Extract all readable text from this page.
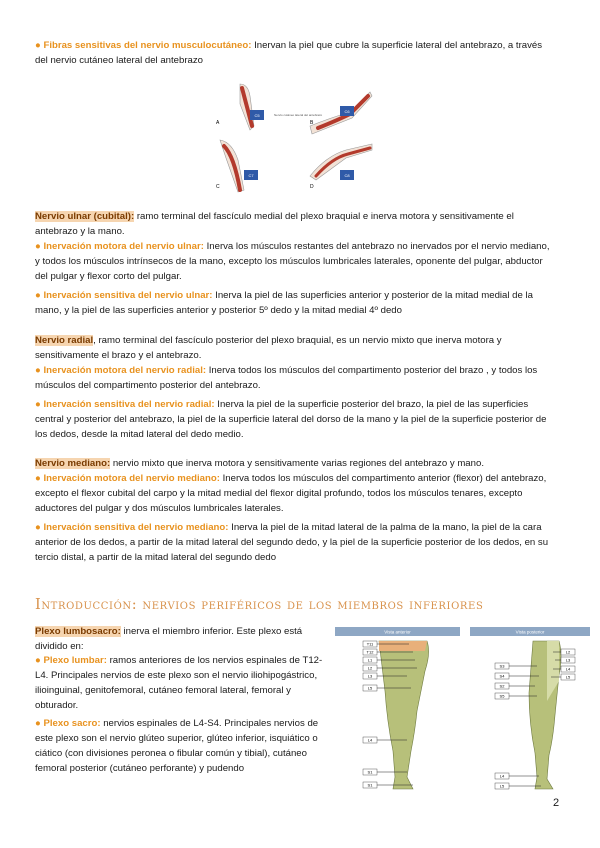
● Fibras sensitivas del nervio musculocutáneo: Inervan la piel que cubre la superficie lateral del antebrazo, a través del nervio cutáneo lateral del antebrazo

C5
A
Nervio cutáneo lateral del antebrazo
C6
B
C7
C
C8
D

Nervio ulnar (cubital): ramo terminal del fascículo medial del plexo braquial e inerva motora y sensitivamente el antebrazo y la mano.

● Inervación motora del nervio ulnar: Inerva los músculos restantes del antebrazo no inervados por el nervio mediano, y todos los músculos intrínsecos de la mano, excepto los músculos lumbricales laterales, oponente del pulgar, abductor del pulgar y flexor corto del pulgar.

● Inervación sensitiva del nervio ulnar: Inerva la piel de las superficies anterior y posterior de la mitad medial de la mano, y la piel de las superficies anterior y posterior 5º dedo y la mitad medial 4º dedo

Nervio radial, ramo terminal del fascículo posterior del plexo braquial, es un nervio mixto que inerva motora y sensitivamente el brazo y el antebrazo.

● Inervación motora del nervio radial: Inerva todos los músculos del compartimento posterior del brazo , y todos los músculos del compartimento posterior del antebrazo.

● Inervación sensitiva del nervio radial: Inerva la piel de la superficie posterior del brazo, la piel de las superficies central y posterior del antebrazo, la piel de la superficie lateral del dorso de la mano y la piel de la superficie posterior de los dedos, desde la mitad lateral del dedo medio.

Nervio mediano: nervio mixto que inerva motora y sensitivamente varias regiones del antebrazo y mano.

● Inervación motora del nervio mediano: Inerva todos los músculos del compartimento anterior (flexor) del antebrazo, excepto el flexor cubital del carpo y la mitad medial del flexor digital profundo, todos los músculos tenares, excepto aductores del pulgar y dos músculos lumbricales laterales.

● Inervación sensitiva del nervio mediano: Inerva la piel de la mitad lateral de la palma de la mano, la piel de la cara anterior de los dedos, a partir de la mitad lateral del segundo dedo, y la piel de la superficie posterior de los dedos, en su tercio distal, a partir de la mitad lateral del segundo dedo

Introducción: nervios periféricos de los miembros inferiores

Plexo lumbosacro: inerva el miembro inferior. Este plexo está dividido en:

● Plexo lumbar: ramos anteriores de los nervios espinales de T12-L4. Principales nervios de este plexo son el nervio iliohipogástrico, ilioinguinal, genitofemoral, cutáneo femoral lateral, femoral y obturador.

● Plexo sacro: nervios espinales de L4-S4. Principales nervios de este plexo son el nervio glúteo superior, glúteo inferior, isquiático o ciático (con divisiones peronea o fibular común y tibial), cutáneo femoral posterior (cutáneo perforante) y pudendo

Vista anterior	Vista posterior
T11
T12
L1
L2
L3
L5
L4
S1
S1
L2
L3
L4
L5
S3
S4
S2
S5
L4
L5
2
